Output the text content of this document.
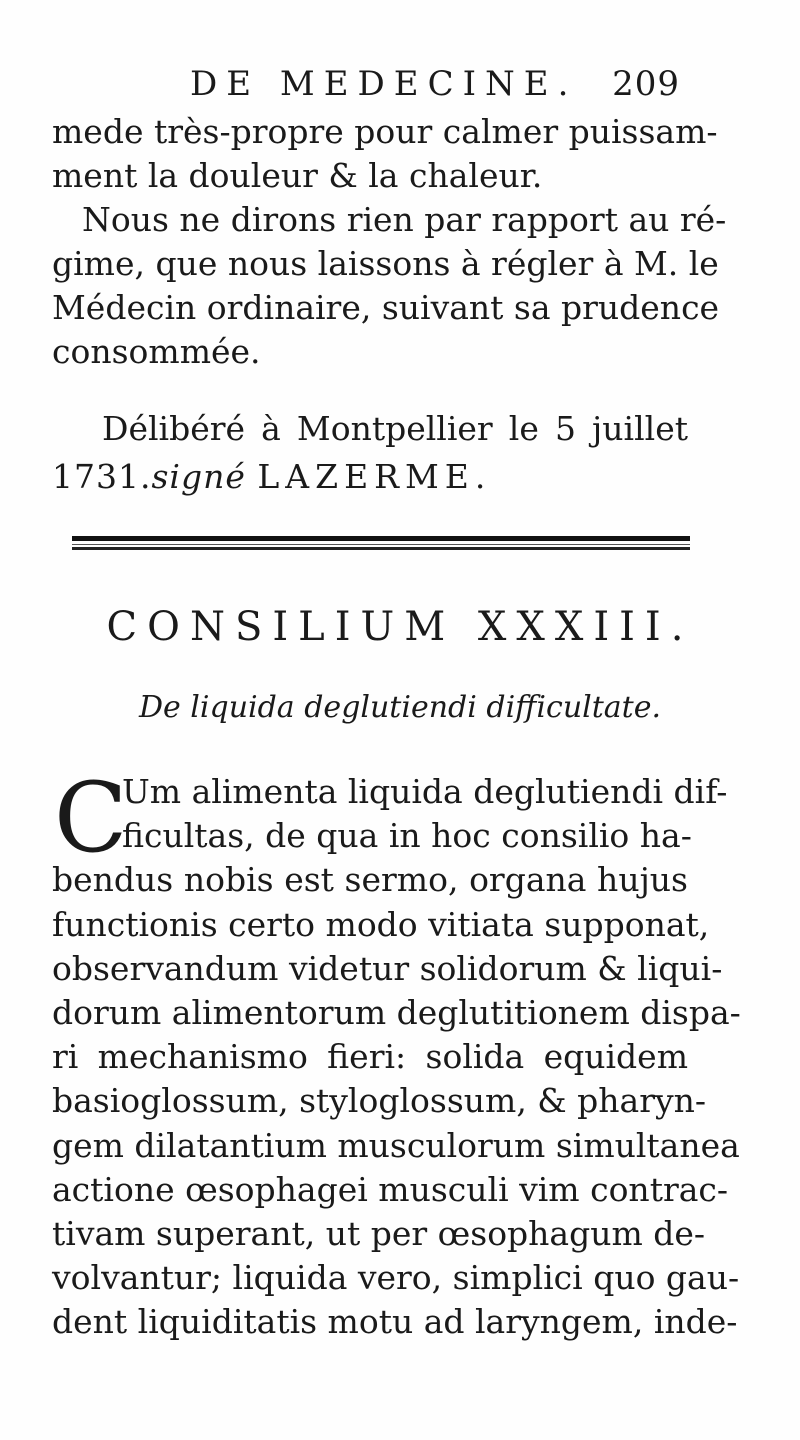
DE MEDECINE. 209
mede très-propre pour calmer puissam-
ment la douleur & la chaleur.
Nous ne dirons rien par rapport au ré-
gime, que nous laissons à régler à M. le
Médecin ordinaire, suivant sa prudence
consommée.
Délibéré à Montpellier le 5 juillet
1731.signé LAZERME.
CONSILIUM XXXIII.
De liquida deglutiendi difficultate.
C
Um alimenta liquida deglutiendi dif-
ficultas, de qua in hoc consilio ha-
bendus nobis est sermo, organa hujus
functionis certo modo vitiata supponat,
observandum videtur solidorum & liqui-
dorum alimentorum deglutitionem dispa-
ri mechanismo fieri: solida equidem
basioglossum, styloglossum, & pharyn-
gem dilatantium musculorum simultanea
actione œsophagei musculi vim contrac-
tivam superant, ut per œsophagum de-
volvantur; liquida vero, simplici quo gau-
dent liquiditatis motu ad laryngem, inde-
